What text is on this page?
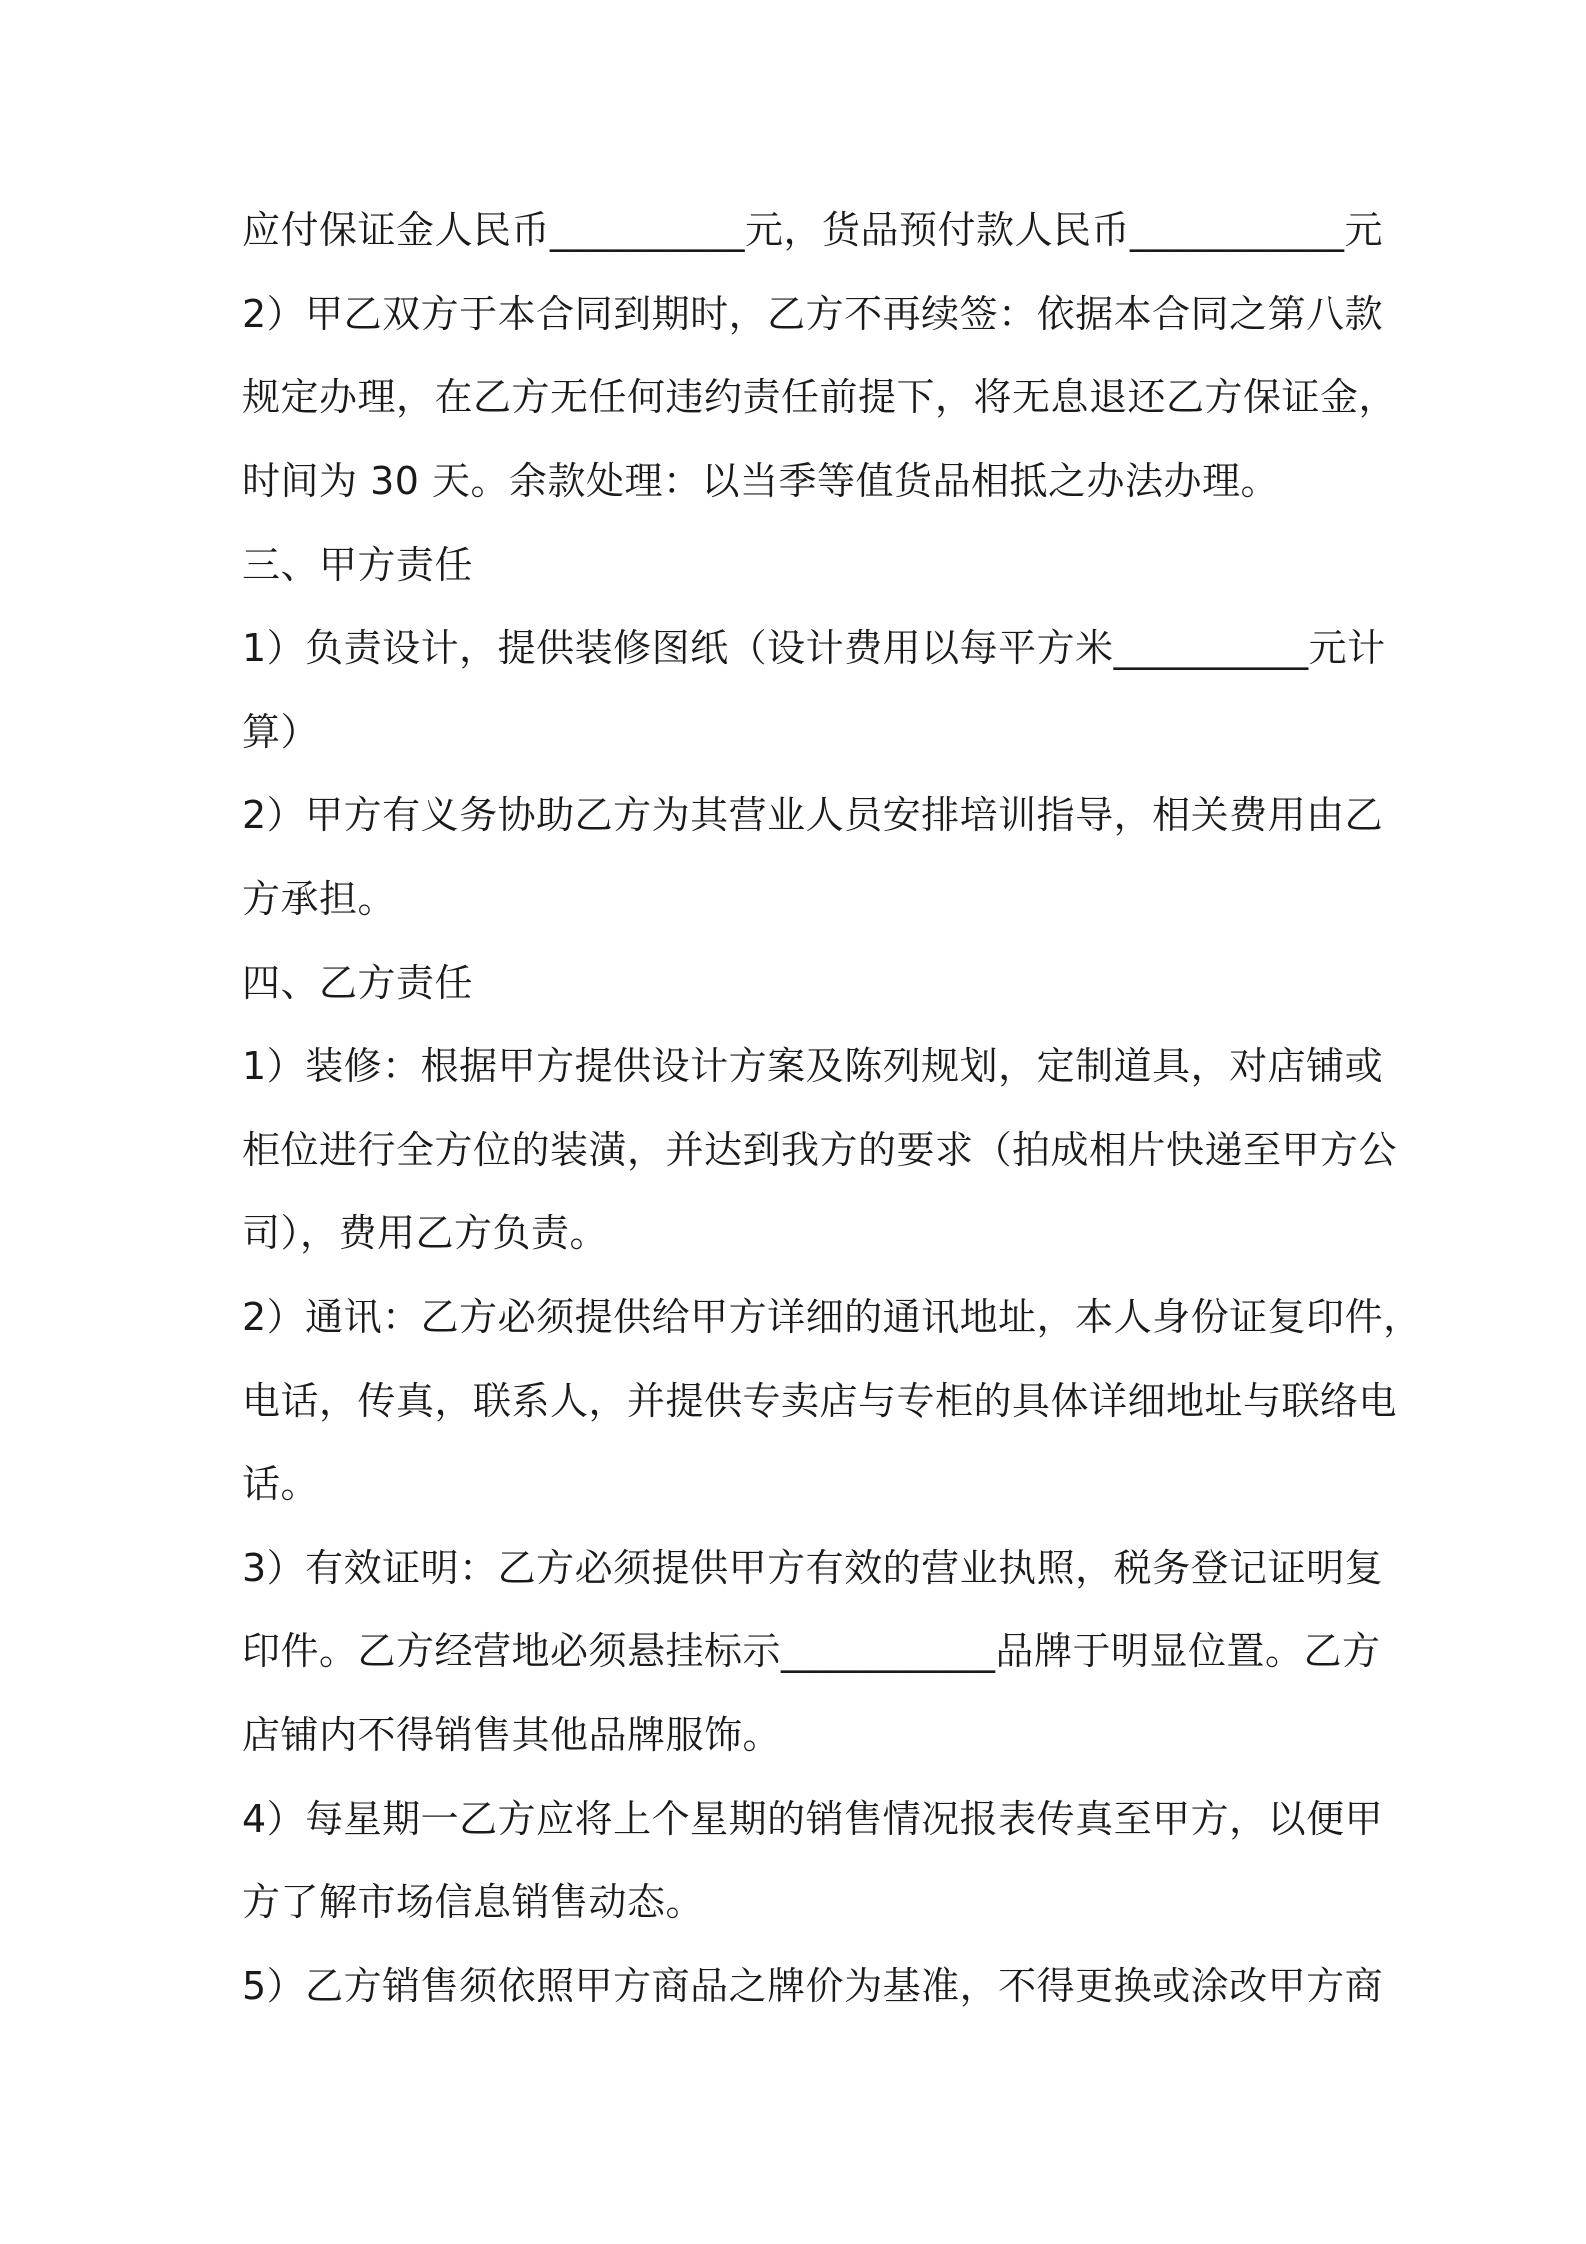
应付保证金人民币__________元，货品预付款人民币___________元
2）甲乙双方于本合同到期时，乙方不再续签：依据本合同之第八款
规定办理，在乙方无任何违约责任前提下，将无息退还乙方保证金，
时间为 30 天。余款处理：以当季等值货品相抵之办法办理。
三、甲方责任
1）负责设计，提供装修图纸（设计费用以每平方米__________元计
算）
2）甲方有义务协助乙方为其营业人员安排培训指导，相关费用由乙
方承担。
四、乙方责任
1）装修：根据甲方提供设计方案及陈列规划，定制道具，对店铺或
柜位进行全方位的装潢，并达到我方的要求（拍成相片快递至甲方公
司），费用乙方负责。
2）通讯：乙方必须提供给甲方详细的通讯地址，本人身份证复印件，
电话，传真，联系人，并提供专卖店与专柜的具体详细地址与联络电
话。
3）有效证明：乙方必须提供甲方有效的营业执照，税务登记证明复
印件。乙方经营地必须悬挂标示___________品牌于明显位置。乙方
店铺内不得销售其他品牌服饰。
4）每星期一乙方应将上个星期的销售情况报表传真至甲方，以便甲
方了解市场信息销售动态。
5）乙方销售须依照甲方商品之牌价为基准，不得更换或涂改甲方商
